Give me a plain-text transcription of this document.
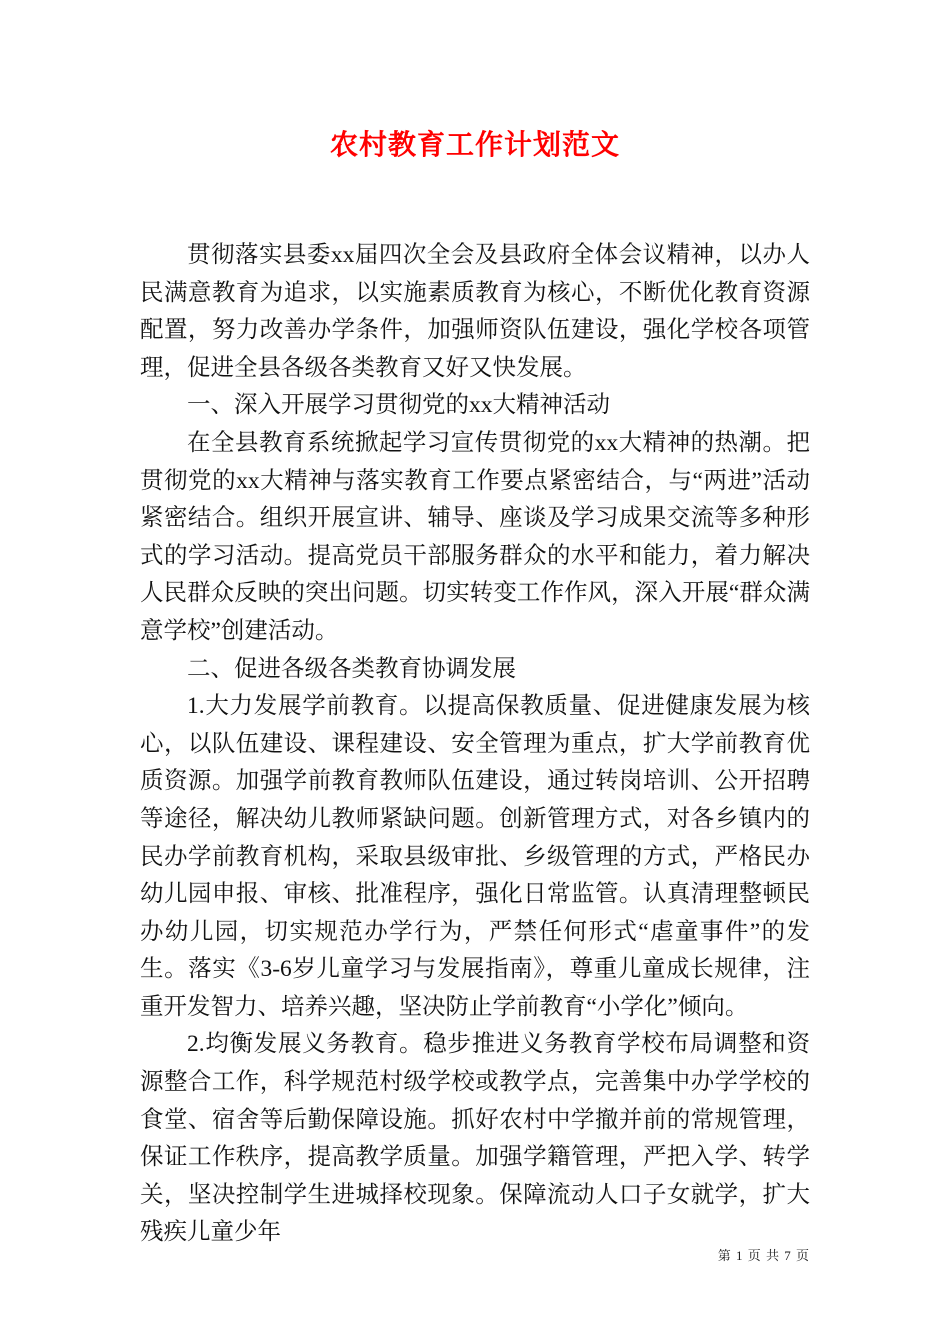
农村教育工作计划范文

贯彻落实县委xx届四次全会及县政府全体会议精神，以办人民满意教育为追求，以实施素质教育为核心，不断优化教育资源配置，努力改善办学条件，加强师资队伍建设，强化学校各项管理，促进全县各级各类教育又好又快发展。

一、深入开展学习贯彻党的xx大精神活动

在全县教育系统掀起学习宣传贯彻党的xx大精神的热潮。把贯彻党的xx大精神与落实教育工作要点紧密结合，与“两进”活动紧密结合。组织开展宣讲、辅导、座谈及学习成果交流等多种形式的学习活动。提高党员干部服务群众的水平和能力，着力解决人民群众反映的突出问题。切实转变工作作风，深入开展“群众满意学校”创建活动。

二、促进各级各类教育协调发展

1.大力发展学前教育。以提高保教质量、促进健康发展为核心，以队伍建设、课程建设、安全管理为重点，扩大学前教育优质资源。加强学前教育教师队伍建设，通过转岗培训、公开招聘等途径，解决幼儿教师紧缺问题。创新管理方式，对各乡镇内的民办学前教育机构，采取县级审批、乡级管理的方式，严格民办幼儿园申报、审核、批准程序，强化日常监管。认真清理整顿民办幼儿园，切实规范办学行为，严禁任何形式“虐童事件”的发生。落实《3-6岁儿童学习与发展指南》，尊重儿童成长规律，注重开发智力、培养兴趣，坚决防止学前教育“小学化”倾向。

2.均衡发展义务教育。稳步推进义务教育学校布局调整和资源整合工作，科学规范村级学校或教学点，完善集中办学学校的食堂、宿舍等后勤保障设施。抓好农村中学撤并前的常规管理，保证工作秩序，提高教学质量。加强学籍管理，严把入学、转学关，坚决控制学生进城择校现象。保障流动人口子女就学，扩大残疾儿童少年

第 1 页 共 7 页
